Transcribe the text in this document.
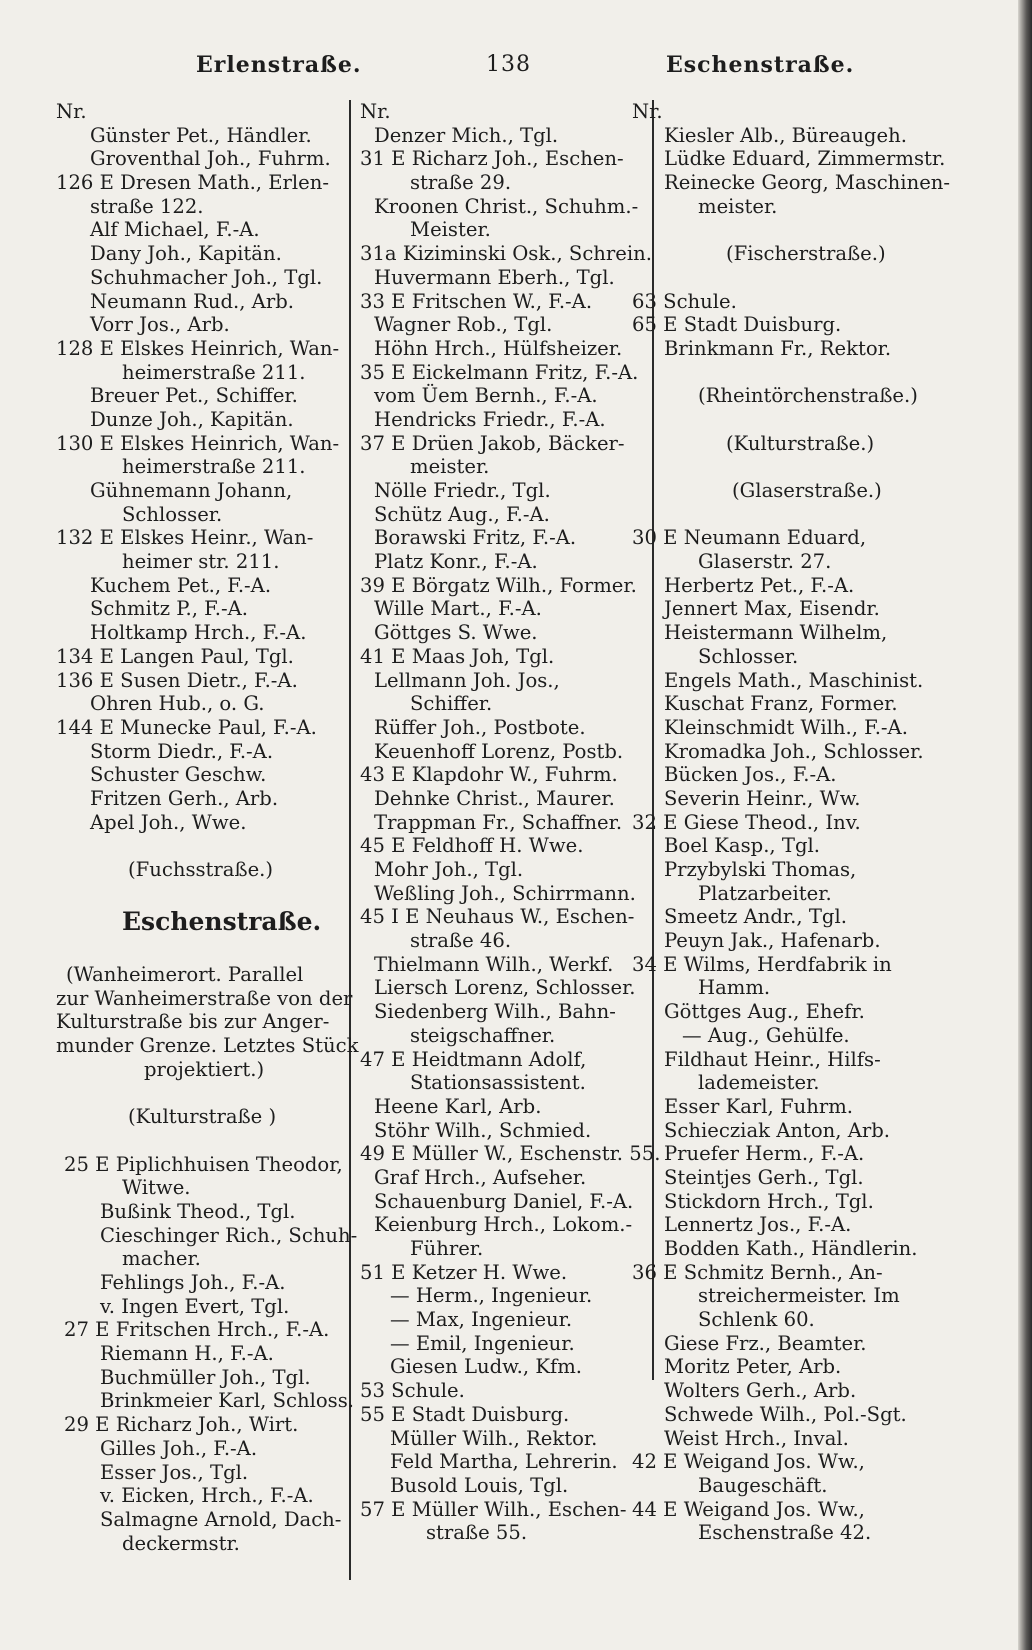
Erlenstraße.	138	Eschenstraße.
Nr.
Günster Pet., Händler.
Groventhal Joh., Fuhrm.
126 E Dresen Math., Erlen-
straße 122.
Alf Michael, F.-A.
Dany Joh., Kapitän.
Schuhmacher Joh., Tgl.
Neumann Rud., Arb.
Vorr Jos., Arb.
128 E Elskes Heinrich, Wan-
heimerstraße 211.
Breuer Pet., Schiffer.
Dunze Joh., Kapitän.
130 E Elskes Heinrich, Wan-
heimerstraße 211.
Gühnemann Johann,
Schlosser.
132 E Elskes Heinr., Wan-
heimer str. 211.
Kuchem Pet., F.-A.
Schmitz P., F.-A.
Holtkamp Hrch., F.-A.
134 E Langen Paul, Tgl.
136 E Susen Dietr., F.-A.
Ohren Hub., o. G.
144 E Munecke Paul, F.-A.
Storm Diedr., F.-A.
Schuster Geschw.
Fritzen Gerh., Arb.
Apel Joh., Wwe.
(Fuchsstraße.)
Eschenstraße.
(Wanheimerort. Parallel
zur Wanheimerstraße von der
Kulturstraße bis zur Anger-
munder Grenze. Letztes Stück
projektiert.)
(Kulturstraße )
25 E Piplichhuisen Theodor,
Witwe.
Bußink Theod., Tgl.
Cieschinger Rich., Schuh-
macher.
Fehlings Joh., F.-A.
v. Ingen Evert, Tgl.
27 E Fritschen Hrch., F.-A.
Riemann H., F.-A.
Buchmüller Joh., Tgl.
Brinkmeier Karl, Schloss.
29 E Richarz Joh., Wirt.
Gilles Joh., F.-A.
Esser Jos., Tgl.
v. Eicken, Hrch., F.-A.
Salmagne Arnold, Dach-
deckermstr.
Nr.
Denzer Mich., Tgl.
31 E Richarz Joh., Eschen-
straße 29.
Kroonen Christ., Schuhm.-
Meister.
31a Kiziminski Osk., Schrein.
Huvermann Eberh., Tgl.
33 E Fritschen W., F.-A.
Wagner Rob., Tgl.
Höhn Hrch., Hülfsheizer.
35 E Eickelmann Fritz, F.-A.
vom Üem Bernh., F.-A.
Hendricks Friedr., F.-A.
37 E Drüen Jakob, Bäcker-
meister.
Nölle Friedr., Tgl.
Schütz Aug., F.-A.
Borawski Fritz, F.-A.
Platz Konr., F.-A.
39 E Börgatz Wilh., Former.
Wille Mart., F.-A.
Göttges S. Wwe.
41 E Maas Joh, Tgl.
Lellmann Joh. Jos.,
Schiffer.
Rüffer Joh., Postbote.
Keuenhoff Lorenz, Postb.
43 E Klapdohr W., Fuhrm.
Dehnke Christ., Maurer.
Trappman Fr., Schaffner.
45 E Feldhoff H. Wwe.
Mohr Joh., Tgl.
Weßling Joh., Schirrmann.
45 I E Neuhaus W., Eschen-
straße 46.
Thielmann Wilh., Werkf.
Liersch Lorenz, Schlosser.
Siedenberg Wilh., Bahn-
steigschaffner.
47 E Heidtmann Adolf,
Stationsassistent.
Heene Karl, Arb.
Stöhr Wilh., Schmied.
49 E Müller W., Eschenstr. 55.
Graf Hrch., Aufseher.
Schauenburg Daniel, F.-A.
Keienburg Hrch., Lokom.-
Führer.
51 E Ketzer H. Wwe.
— Herm., Ingenieur.
— Max, Ingenieur.
— Emil, Ingenieur.
Giesen Ludw., Kfm.
53 Schule.
55 E Stadt Duisburg.
Müller Wilh., Rektor.
Feld Martha, Lehrerin.
Busold Louis, Tgl.
57 E Müller Wilh., Eschen-
straße 55.
Nr.
Kiesler Alb., Büreaugeh.
Lüdke Eduard, Zimmermstr.
Reinecke Georg, Maschinen-
meister.
(Fischerstraße.)
63 Schule.
65 E Stadt Duisburg.
Brinkmann Fr., Rektor.
(Rheintörchenstraße.)
(Kulturstraße.)
(Glaserstraße.)
30 E Neumann Eduard,
Glaserstr. 27.
Herbertz Pet., F.-A.
Jennert Max, Eisendr.
Heistermann Wilhelm,
Schlosser.
Engels Math., Maschinist.
Kuschat Franz, Former.
Kleinschmidt Wilh., F.-A.
Kromadka Joh., Schlosser.
Bücken Jos., F.-A.
Severin Heinr., Ww.
32 E Giese Theod., Inv.
Boel Kasp., Tgl.
Przybylski Thomas,
Platzarbeiter.
Smeetz Andr., Tgl.
Peuyn Jak., Hafenarb.
34 E Wilms, Herdfabrik in
Hamm.
Göttges Aug., Ehefr.
— Aug., Gehülfe.
Fildhaut Heinr., Hilfs-
lademeister.
Esser Karl, Fuhrm.
Schiecziak Anton, Arb.
Pruefer Herm., F.-A.
Steintjes Gerh., Tgl.
Stickdorn Hrch., Tgl.
Lennertz Jos., F.-A.
Bodden Kath., Händlerin.
36 E Schmitz Bernh., An-
streichermeister. Im
Schlenk 60.
Giese Frz., Beamter.
Moritz Peter, Arb.
Wolters Gerh., Arb.
Schwede Wilh., Pol.-Sgt.
Weist Hrch., Inval.
42 E Weigand Jos. Ww.,
Baugeschäft.
44 E Weigand Jos. Ww.,
Eschenstraße 42.
